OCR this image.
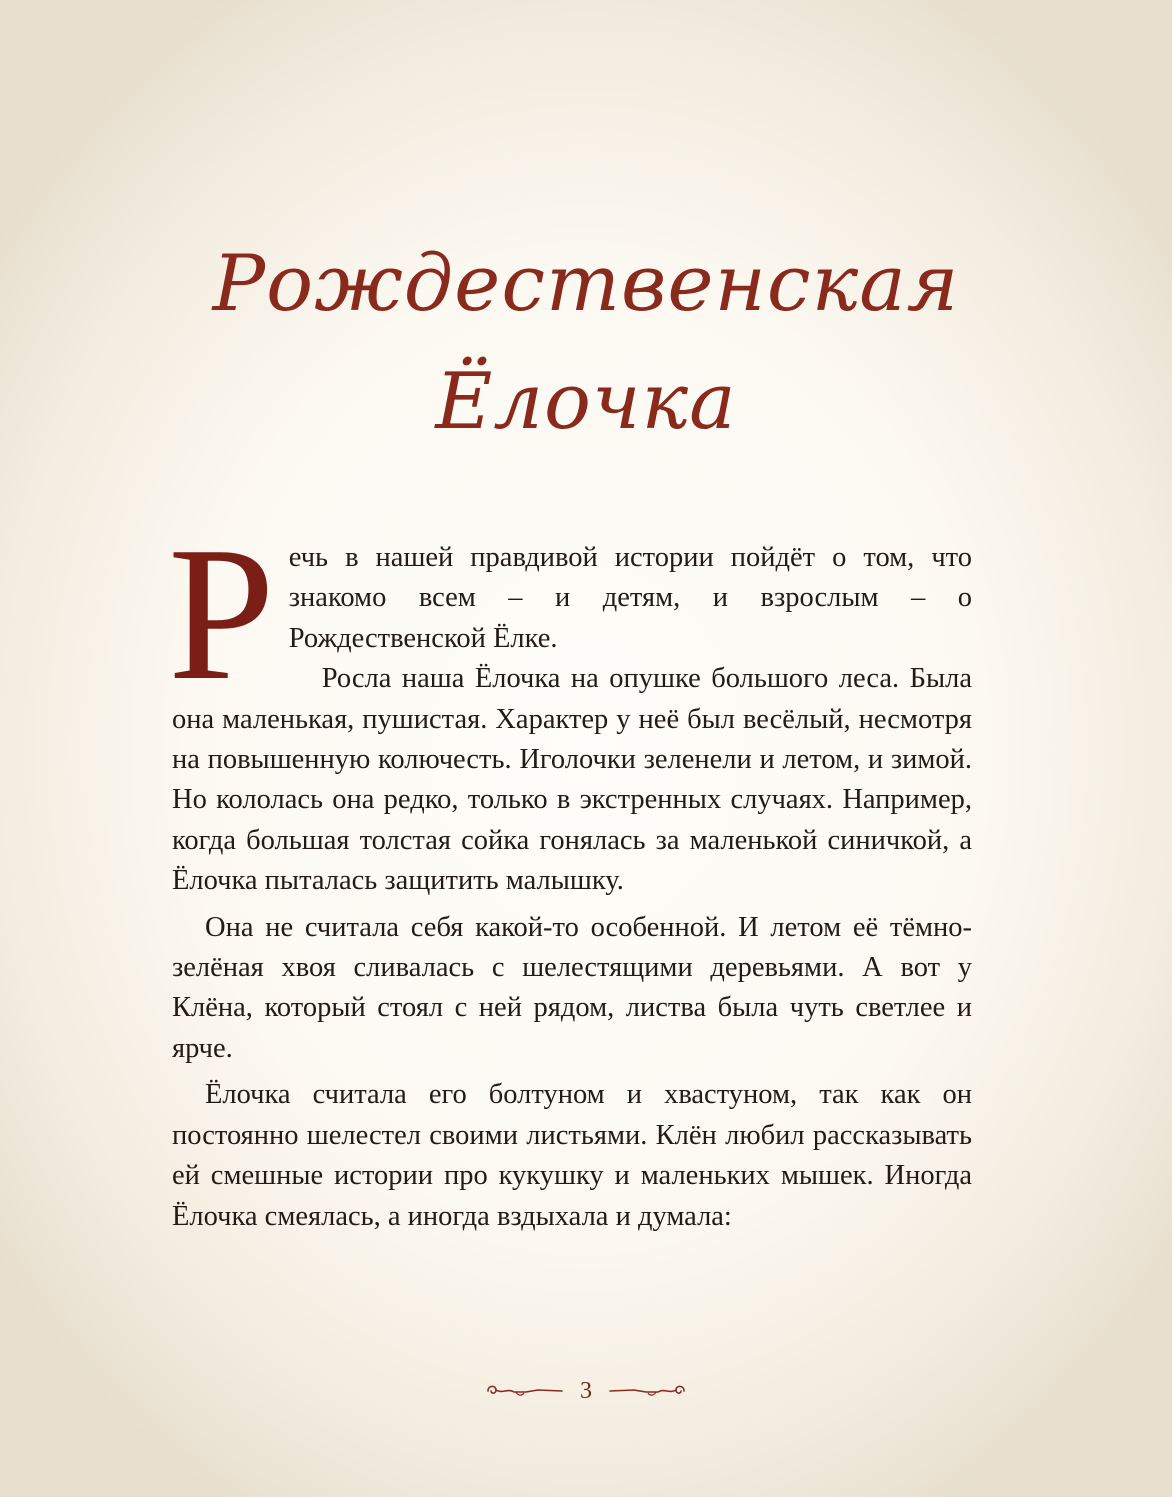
Рождественская
Ёлочка

Речь в нашей правдивой истории пойдёт о том, что знакомо всем – и детям, и взрослым – о Рождественской Ёлке.

Росла наша Ёлочка на опушке большого леса. Была она маленькая, пушистая. Характер у неё был весёлый, несмотря на повышенную колючесть. Иголочки зеленели и летом, и зимой. Но кололась она редко, только в экстренных случаях. Например, когда большая толстая сойка гонялась за маленькой синичкой, а Ёлочка пыталась защитить малышку.

Она не считала себя какой-то особенной. И летом её тёмно-зелёная хвоя сливалась с шелестящими деревьями. А вот у Клёна, который стоял с ней рядом, листва была чуть светлее и ярче.

Ёлочка считала его болтуном и хвастуном, так как он постоянно шелестел своими листьями. Клён любил рассказывать ей смешные истории про кукушку и маленьких мышек. Иногда Ёлочка смеялась, а иногда вздыхала и думала:

3
